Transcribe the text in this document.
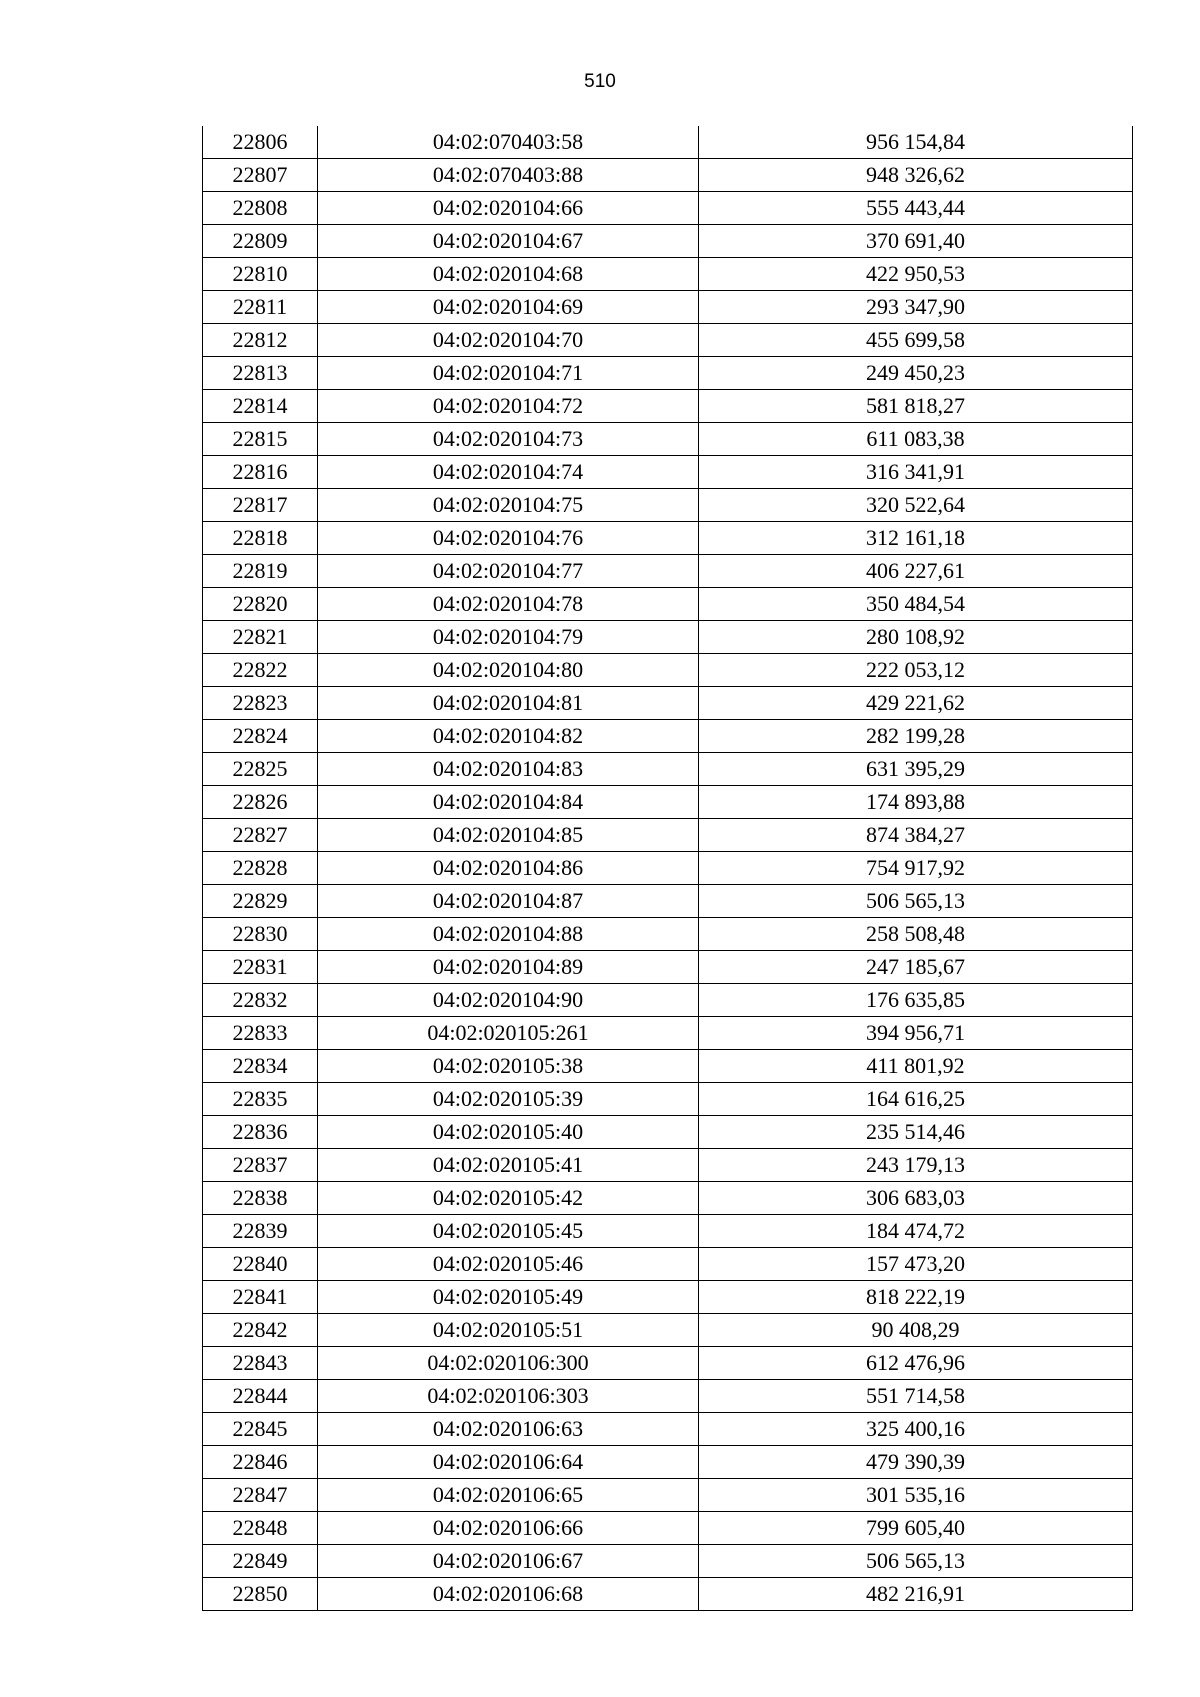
510
22806	04:02:070403:58	956 154,84
22807	04:02:070403:88	948 326,62
22808	04:02:020104:66	555 443,44
22809	04:02:020104:67	370 691,40
22810	04:02:020104:68	422 950,53
22811	04:02:020104:69	293 347,90
22812	04:02:020104:70	455 699,58
22813	04:02:020104:71	249 450,23
22814	04:02:020104:72	581 818,27
22815	04:02:020104:73	611 083,38
22816	04:02:020104:74	316 341,91
22817	04:02:020104:75	320 522,64
22818	04:02:020104:76	312 161,18
22819	04:02:020104:77	406 227,61
22820	04:02:020104:78	350 484,54
22821	04:02:020104:79	280 108,92
22822	04:02:020104:80	222 053,12
22823	04:02:020104:81	429 221,62
22824	04:02:020104:82	282 199,28
22825	04:02:020104:83	631 395,29
22826	04:02:020104:84	174 893,88
22827	04:02:020104:85	874 384,27
22828	04:02:020104:86	754 917,92
22829	04:02:020104:87	506 565,13
22830	04:02:020104:88	258 508,48
22831	04:02:020104:89	247 185,67
22832	04:02:020104:90	176 635,85
22833	04:02:020105:261	394 956,71
22834	04:02:020105:38	411 801,92
22835	04:02:020105:39	164 616,25
22836	04:02:020105:40	235 514,46
22837	04:02:020105:41	243 179,13
22838	04:02:020105:42	306 683,03
22839	04:02:020105:45	184 474,72
22840	04:02:020105:46	157 473,20
22841	04:02:020105:49	818 222,19
22842	04:02:020105:51	90 408,29
22843	04:02:020106:300	612 476,96
22844	04:02:020106:303	551 714,58
22845	04:02:020106:63	325 400,16
22846	04:02:020106:64	479 390,39
22847	04:02:020106:65	301 535,16
22848	04:02:020106:66	799 605,40
22849	04:02:020106:67	506 565,13
22850	04:02:020106:68	482 216,91
